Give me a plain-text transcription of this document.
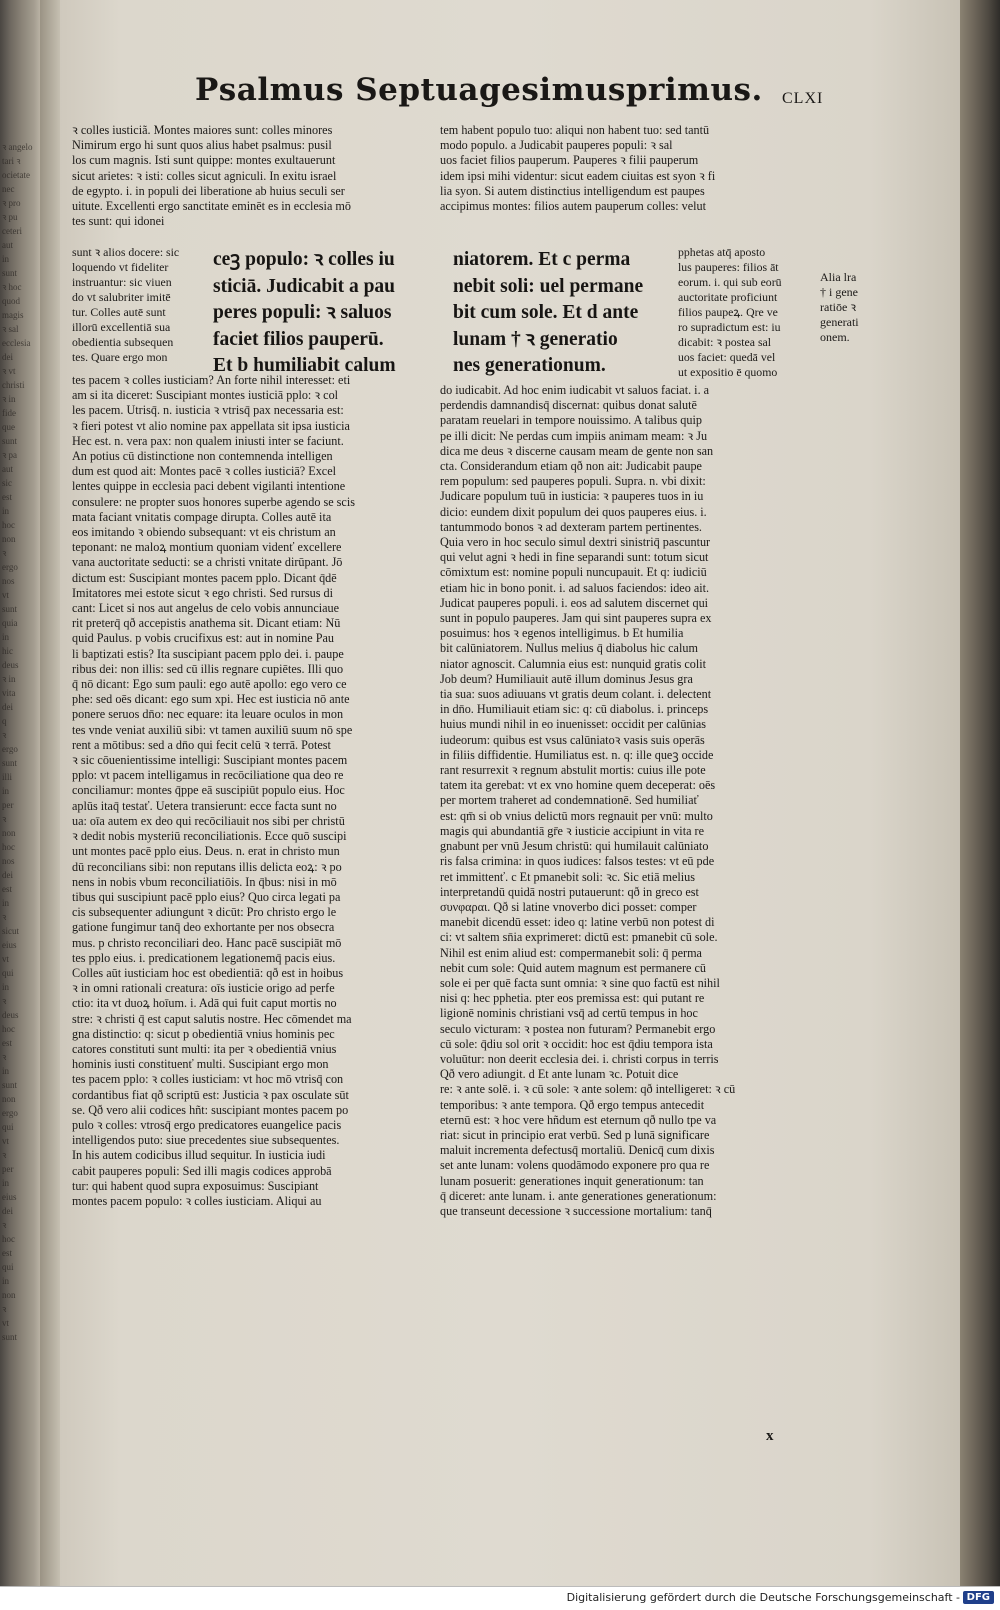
ꝛ angelo

tari ꝛ

ocietate

nec

ꝛ pro

ꝛ pu

ceteri

aut

in

sunt

ꝛ hoc

quod

magis

ꝛ sal

ecclesia

dei

ꝛ vt

christi

ꝛ in

fide

que

sunt

ꝛ pa

aut

sic

est

in

hoc

non

ꝛ

ergo

nos

vt

sunt

quia

in

hic

deus

ꝛ in

vita

dei

q

ꝛ

ergo

sunt

illi

in

per

ꝛ

non

hoc

nos

dei

est

in

ꝛ

sicut

eius

vt

qui

in

ꝛ

deus

hoc

est

ꝛ

in

sunt

non

ergo

qui

vt

ꝛ

per

in

eius

dei

ꝛ

hoc

est

qui

in

non

ꝛ

vt

sunt

Psalmus Septuagesimusprimus. CLXI

ꝛ colles iusticiã. Montes maiores sunt: colles minores

Nimirum ergo hi sunt quos alius habet psalmus: pusil

los cum magnis. Isti sunt quippe: montes exultauerunt

sicut arietes: ꝛ isti: colles sicut agniculi. In exitu israel

de egypto. i. in populi dei liberatione ab huius seculi ser

uitute. Excellenti ergo sanctitate eminēt es in ecclesia mō

tes sunt: qui idonei

sunt ꝛ alios docere: sic

loquendo vt fideliter

instruantur: sic viuen

do vt salubriter imitē

tur. Colles autē sunt

illorū excellentiā sua

obedientia subsequen

tes. Quare ergo mon

ceꝫ populo: ꝛ colles iu

sticiā. Judicabit a pau

peres populi: ꝛ saluos

faciet filios pauperū.

Et b humiliabit calum

tes pacem ꝛ colles iusticiam? An forte nihil interesset: eti

am si ita diceret: Suscipiant montes iusticiā pplo: ꝛ col

les pacem. Utrisq̄. n. iusticia ꝛ vtrisq̄ pax necessaria est:

ꝛ fieri potest vt alio nomine pax appellata sit ipsa iusticia

Hec est. n. vera pax: non qualem iniusti inter se faciunt.

An potius cū distinctione non contemnenda intelligen

dum est quod ait: Montes pacē ꝛ colles iusticiā? Excel

lentes quippe in ecclesia paci debent vigilanti intentione

consulere: ne propter suos honores superbe agendo se scis

mata faciant vnitatis compage dirupta. Colles autē ita

eos imitando ꝛ obiendo subsequant: vt eis christum an

teponant: ne maloꝝ montium quoniam videnť excellere

vana auctoritate seducti: se a christi vnitate dirūpant. Jō

dictum est: Suscipiant montes pacem pplo. Dicant q̄dē

Imitatores mei estote sicut ꝛ ego christi. Sed rursus di

cant: Licet si nos aut angelus de celo vobis annunciaue

rit preterq̄ qð accepistis anathema sit. Dicant etiam: Nū

quid Paulus. p vobis crucifixus est: aut in nomine Pau

li baptizati estis? Ita suscipiant pacem pplo dei. i. paupe

ribus dei: non illis: sed cū illis regnare cupiētes. Illi quo

q̄ nō dicant: Ego sum pauli: ego autē apollo: ego vero ce

phe: sed oēs dicant: ego sum xpi. Hec est iusticia nō ante

ponere seruos dn̄o: nec equare: ita leuare oculos in mon

tes vnde veniat auxiliū sibi: vt tamen auxiliū suum nō spe

rent a mōtibus: sed a dn̄o qui fecit celū ꝛ terrā. Potest

ꝛ sic cōuenientissime intelligi: Suscipiant montes pacem

pplo: vt pacem intelligamus in recōciliatione qua deo re

conciliamur: montes q̄ppe eā suscipiūt populo eius. Hoc

aplūs itaq̄ testať. Uetera transierunt: ecce facta sunt no

ua: oīa autem ex deo qui recōciliauit nos sibi per christū

ꝛ dedit nobis mysteriū reconciliationis. Ecce quō suscipi

unt montes pacē pplo eius. Deus. n. erat in christo mun

dū reconcilians sibi: non reputans illis delicta eoꝝ: ꝛ po

nens in nobis vbum reconciliatiōis. In q̄bus: nisi in mō

tibus qui suscipiunt pacē pplo eius? Quo circa legati pa

cis subsequenter adiungunt ꝛ dicūt: Pro christo ergo le

gatione fungimur tanq̄ deo exhortante per nos obsecra

mus. p christo reconciliari deo. Hanc pacē suscipiāt mō

tes pplo eius. i. predicationem legationemq̄ pacis eius.

Colles aūt iusticiam hoc est obedientiā: qð est in hoibus

ꝛ in omni rationali creatura: oīs iusticie origo ad perfe

ctio: ita vt duoꝝ hoīum. i. Adā qui fuit caput mortis no

stre: ꝛ christi q̄ est caput salutis nostre. Hec cōmendet ma

gna distinctio: q: sicut p obedientiā vnius hominis pec

catores constituti sunt multi: ita per ꝛ obedientiā vnius

hominis iusti constituenť multi. Suscipiant ergo mon

tes pacem pplo: ꝛ colles iusticiam: vt hoc mō vtrisq̄ con

cordantibus fiat qð scriptū est: Justicia ꝛ pax osculate sūt

se. Qð vero alii codices hñt: suscipiant montes pacem po

pulo ꝛ colles: vtrosq̄ ergo predicatores euangelice pacis

intelligendos puto: siue precedentes siue subsequentes.

In his autem codicibus illud sequitur. In iusticia iudi

cabit pauperes populi: Sed illi magis codices approbā

tur: qui habent quod supra exposuimus: Suscipiant

montes pacem populo: ꝛ colles iusticiam. Aliqui au

tem habent populo tuo: aliqui non habent tuo: sed tantū

modo populo. a Judicabit pauperes populi: ꝛ sal

uos faciet filios pauperum. Pauperes ꝛ filii pauperum

idem ipsi mihi videntur: sicut eadem ciuitas est syon ꝛ fi

lia syon. Si autem distinctius intelligendum est paupes

accipimus montes: filios autem pauperum colles: velut

niatorem. Et c perma

nebit soli: uel permane

bit cum sole. Et d ante

lunam † ꝛ generatio

nes generationum.

pphetas atq̄ aposto

lus pauperes: filios āt

eorum. i. qui sub eorū

auctoritate proficiunt

filios paupeꝝ. Qre ve

ro supradictum est: iu

dicabit: ꝛ postea sal

uos faciet: quedā vel

ut expositio ē quomo

do iudicabit. Ad hoc enim iudicabit vt saluos faciat. i. a

perdendis damnandisq̄ discernat: quibus donat salutē

paratam reuelari in tempore nouissimo. A talibus quip

pe illi dicit: Ne perdas cum impiis animam meam: ꝛ Ju

dica me deus ꝛ discerne causam meam de gente non san

cta. Considerandum etiam qð non ait: Judicabit paupe

rem populum: sed pauperes populi. Supra. n. vbi dixit:

Judicare populum tuū in iusticia: ꝛ pauperes tuos in iu

dicio: eundem dixit populum dei quos pauperes eius. i.

tantummodo bonos ꝛ ad dexteram partem pertinentes.

Quia vero in hoc seculo simul dextri sinistriq̄ pascuntur

qui velut agni ꝛ hedi in fine separandi sunt: totum sicut

cōmixtum est: nomine populi nuncupauit. Et q: iudiciū

etiam hic in bono ponit. i. ad saluos faciendos: ideo ait.

Judicat pauperes populi. i. eos ad salutem discernet qui

sunt in populo pauperes. Jam qui sint pauperes supra ex

posuimus: hos ꝛ egenos intelligimus. b Et humilia

bit calūniatorem. Nullus melius q̄ diabolus hic calum

niator agnoscit. Calumnia eius est: nunquid gratis colit

Job deum? Humiliauit autē illum dominus Jesus gra

tia sua: suos adiuuans vt gratis deum colant. i. delectent

in dn̄o. Humiliauit etiam sic: q: cū diabolus. i. princeps

huius mundi nihil in eo inuenisset: occidit per calūnias

iudeorum: quibus est vsus calūniatoꝛ vasis suis operās

in filiis diffidentie. Humiliatus est. n. q: ille queꝫ occide

rant resurrexit ꝛ regnum abstulit mortis: cuius ille pote

tatem ita gerebat: vt ex vno homine quem deceperat: oēs

per mortem traheret ad condemnationē. Sed humiliať

est: qm̄ si ob vnius delictū mors regnauit per vnū: multo

magis qui abundantiā gr̄e ꝛ iusticie accipiunt in vita re

gnabunt per vnū Jesum christū: qui humilauit calūniato

ris falsa crimina: in quos iudices: falsos testes: vt eū pde

ret immittenť. c Et pmanebit soli: ꝛc. Sic etiā melius

interpretandū quidā nostri putauerunt: qð in greco est

συνφαραι. Qð si latine vnoverbo dici posset: comper

manebit dicendū esset: ideo q: latine verbū non potest di

ci: vt saltem sn̄ia exprimeret: dictū est: pmanebit cū sole.

Nihil est enim aliud est: compermanebit soli: q̄ perma

nebit cum sole: Quid autem magnum est permanere cū

sole ei per quē facta sunt omnia: ꝛ sine quo factū est nihil

nisi q: hec pphetia. pter eos premissa est: qui putant re

ligionē nominis christiani vsq̄ ad certū tempus in hoc

seculo victuram: ꝛ postea non futuram? Permanebit ergo

cū sole: q̄diu sol orit ꝛ occidit: hoc est q̄diu tempora ista

voluūtur: non deerit ecclesia dei. i. christi corpus in terris

Qð vero adiungit. d Et ante lunam ꝛc. Potuit dice

re: ꝛ ante solē. i. ꝛ cū sole: ꝛ ante solem: qð intelligeret: ꝛ cū

temporibus: ꝛ ante tempora. Qð ergo tempus antecedit

eternū est: ꝛ hoc vere hñdum est eternum qð nullo tpe va

riat: sicut in principio erat verbū. Sed p lunā significare

maluit incrementa defectusq̄ mortaliū. Denicq̄ cum dixis

set ante lunam: volens quodāmodo exponere pro qua re

lunam posuerit: generationes inquit generationum: tan

q̄ diceret: ante lunam. i. ante generationes generationum:

que transeunt decessione ꝛ successione mortalium: tanq̄

Alia lra

† i gene

ratiōe ꝛ

generati

onem.

x
Digitalisierung gefördert durch die Deutsche Forschungsgemeinschaft - DFG
